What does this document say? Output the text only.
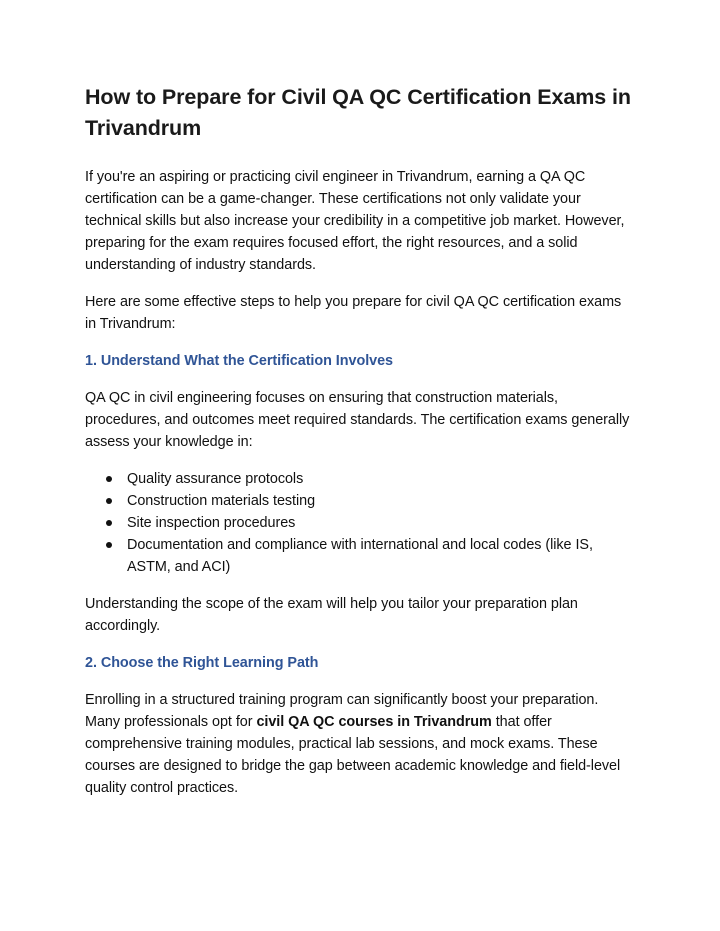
How to Prepare for Civil QA QC Certification Exams in Trivandrum

If you're an aspiring or practicing civil engineer in Trivandrum, earning a QA QC certification can be a game-changer. These certifications not only validate your technical skills but also increase your credibility in a competitive job market. However, preparing for the exam requires focused effort, the right resources, and a solid understanding of industry standards.

Here are some effective steps to help you prepare for civil QA QC certification exams in Trivandrum:

1. Understand What the Certification Involves

QA QC in civil engineering focuses on ensuring that construction materials, procedures, and outcomes meet required standards. The certification exams generally assess your knowledge in:

Quality assurance protocols
Construction materials testing
Site inspection procedures
Documentation and compliance with international and local codes (like IS, ASTM, and ACI)

Understanding the scope of the exam will help you tailor your preparation plan accordingly.

2. Choose the Right Learning Path

Enrolling in a structured training program can significantly boost your preparation. Many professionals opt for civil QA QC courses in Trivandrum that offer comprehensive training modules, practical lab sessions, and mock exams. These courses are designed to bridge the gap between academic knowledge and field-level quality control practices.
